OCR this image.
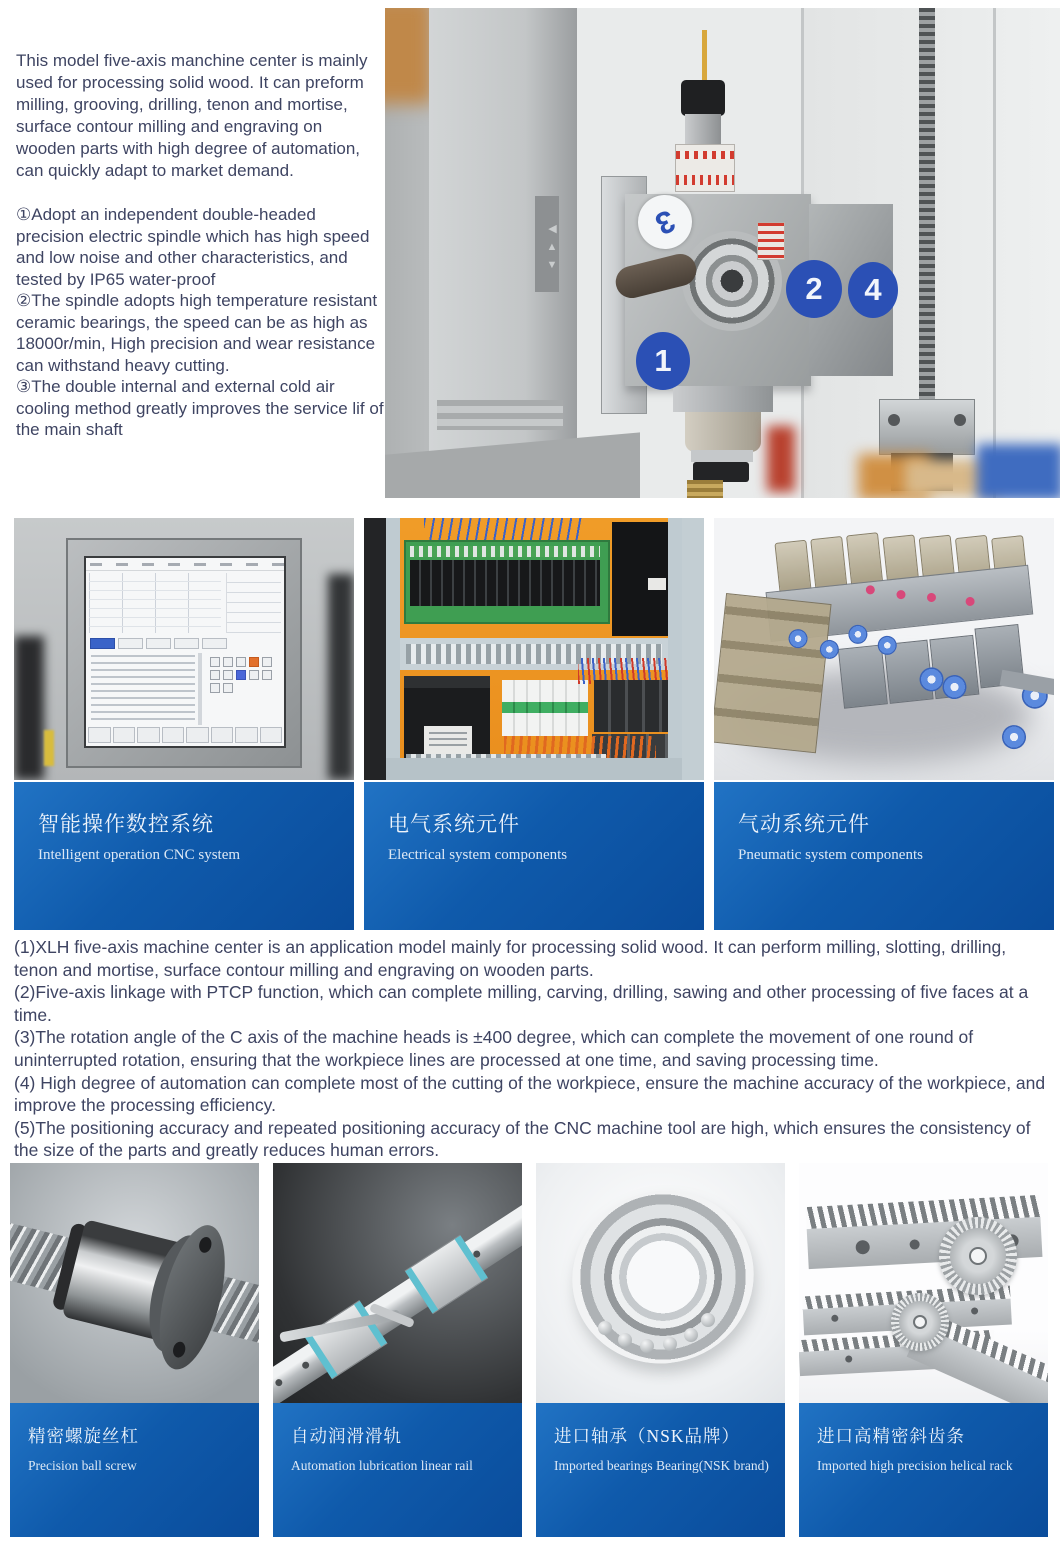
This model five-axis manchine center is mainly used for processing solid wood. It can preform milling, grooving, drilling, tenon and mortise, surface contour milling and engraving on wooden parts with high degree of automation, can quickly adapt to market demand.

①Adopt an independent double-headed precision electric spindle which has high speed and low noise and other characteristics, and tested by IP65 water-proof

②The spindle adopts high temperature resistant ceramic bearings, the speed can be as high as 18000r/min, High precision and wear resistance can withstand heavy cutting.

③The double internal and external cold air cooling method greatly improves the service lif of the main shaft

◀▲▼	3
2	4
1
智能操作数控系统
Intelligent operation CNC system
电气系统元件
Electrical system components
气动系统元件
Pneumatic system components

(1)XLH five-axis machine center is an application model mainly for processing solid wood. It can perform milling, slotting, drilling, tenon and mortise, surface contour milling and engraving on wooden parts.

(2)Five-axis linkage with PTCP function, which can complete milling, carving, drilling, sawing and other processing of five faces at a time.

(3)The rotation angle of the C axis of the machine heads is ±400 degree, which can complete the movement of one round of uninterrupted rotation, ensuring that the workpiece lines are processed at one time, and saving processing time.

(4) High degree of automation can complete most of the cutting of the workpiece, ensure the machine accuracy of the workpiece, and improve the processing efficiency.

(5)The positioning accuracy and repeated positioning accuracy of the CNC machine tool are high, which ensures the consistency of the size of the parts and greatly reduces human errors.

精密螺旋丝杠
Precision ball screw
自动润滑滑轨
Automation lubrication linear rail
进口轴承（NSK品牌）
Imported bearings Bearing(NSK brand)
进口高精密斜齿条
Imported high precision helical rack
